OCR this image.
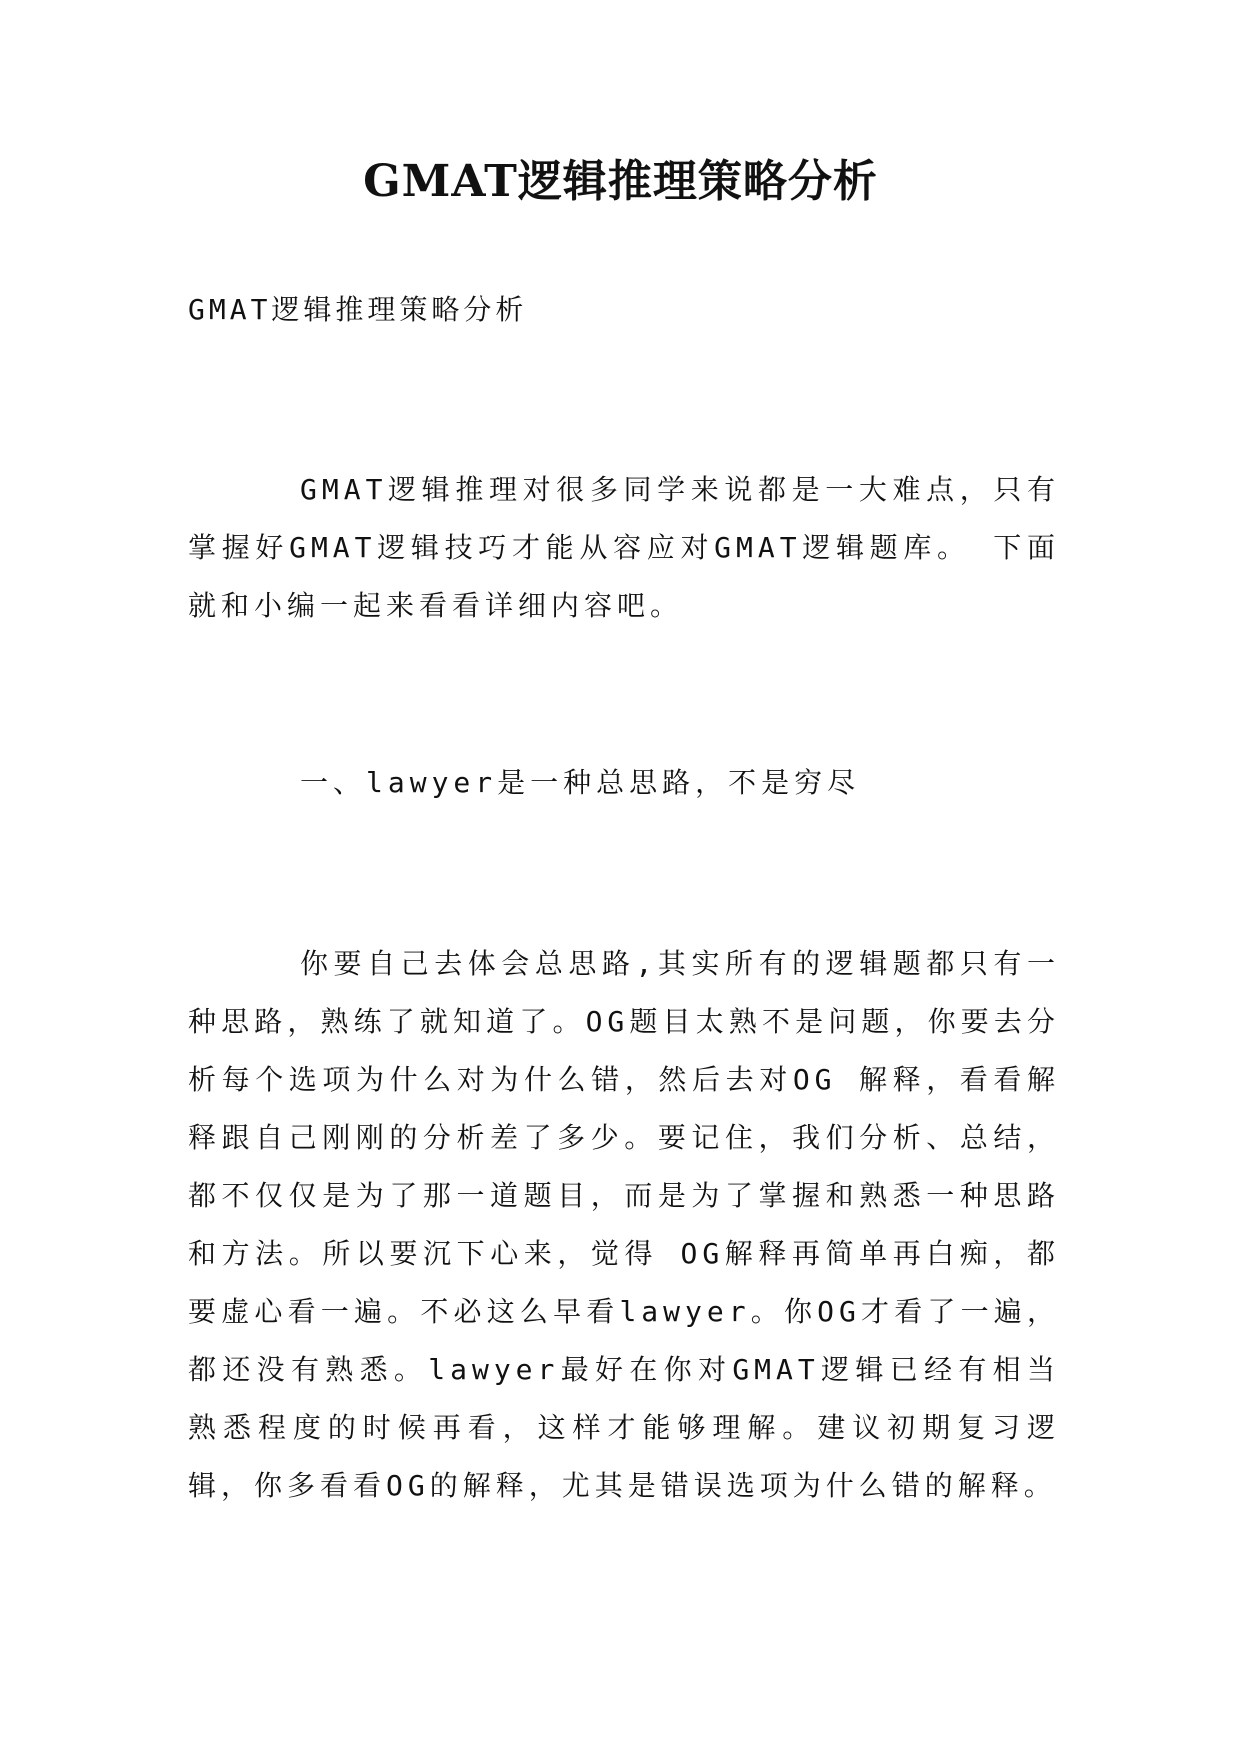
GMAT逻辑推理策略分析

GMAT逻辑推理策略分析

GMAT逻辑推理对很多同学来说都是一大难点，只有掌握好GMAT逻辑技巧才能从容应对GMAT逻辑题库。 下面就和小编一起来看看详细内容吧。

一、lawyer是一种总思路，不是穷尽

你要自己去体会总思路,其实所有的逻辑题都只有一种思路，熟练了就知道了。OG题目太熟不是问题，你要去分析每个选项为什么对为什么错，然后去对OG 解释，看看解释跟自己刚刚的分析差了多少。要记住，我们分析、总结，都不仅仅是为了那一道题目，而是为了掌握和熟悉一种思路和方法。所以要沉下心来，觉得 OG解释再简单再白痴，都要虚心看一遍。不必这么早看lawyer。你OG才看了一遍，都还没有熟悉。lawyer最好在你对GMAT逻辑已经有相当熟悉程度的时候再看，这样才能够理解。建议初期复习逻辑，你多看看OG的解释，尤其是错误选项为什么错的解释。
